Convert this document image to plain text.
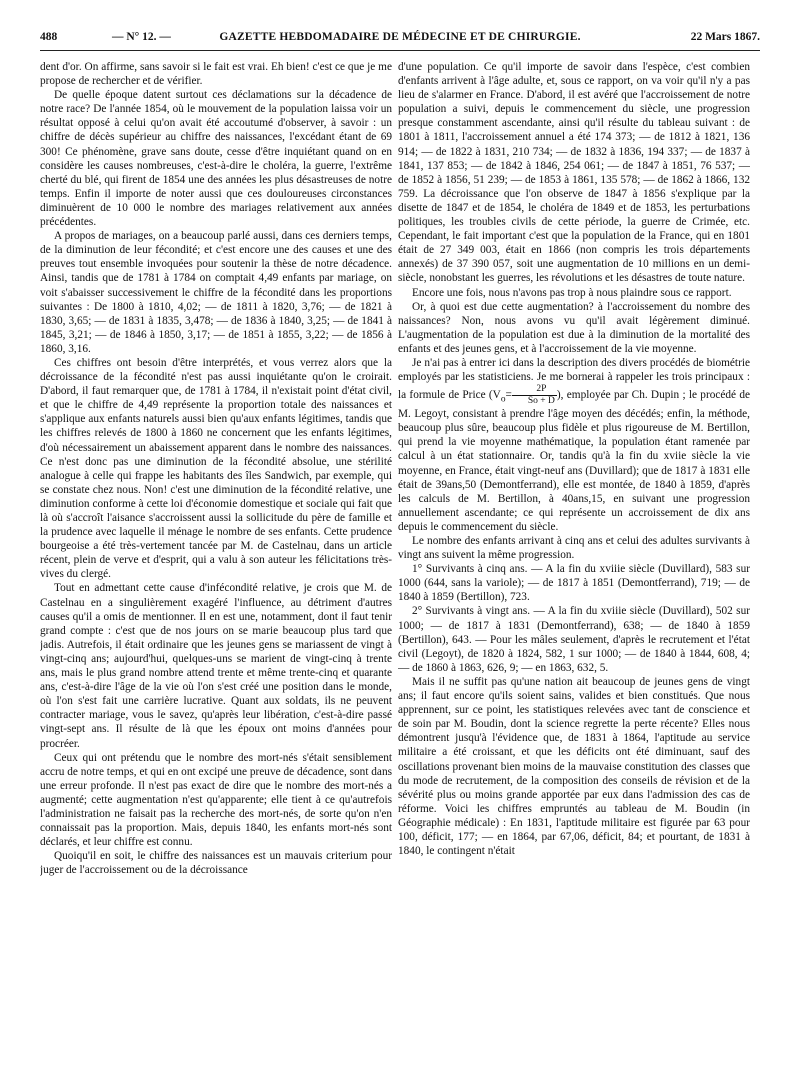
488	— N° 12. —	GAZETTE HEBDOMADAIRE DE MÉDECINE ET DE CHIRURGIE.	22 Mars 1867.

dent d'or. On affirme, sans savoir si le fait est vrai. Eh bien! c'est ce que je me propose de rechercher et de vérifier.

De quelle époque datent surtout ces déclamations sur la décadence de notre race? De l'année 1854, où le mouvement de la population laissa voir un résultat opposé à celui qu'on avait été accoutumé d'observer, à savoir : un chiffre de décès supérieur au chiffre des naissances, l'excédant étant de 69 300! Ce phénomène, grave sans doute, cesse d'être inquiétant quand on en considère les causes nombreuses, c'est-à-dire le choléra, la guerre, l'extrême cherté du blé, qui firent de 1854 une des années les plus désastreuses de notre temps. Enfin il importe de noter aussi que ces douloureuses circonstances diminuèrent de 10 000 le nombre des mariages relativement aux années précédentes.

A propos de mariages, on a beaucoup parlé aussi, dans ces derniers temps, de la diminution de leur fécondité; et c'est encore une des causes et une des preuves tout ensemble invoquées pour soutenir la thèse de notre décadence. Ainsi, tandis que de 1781 à 1784 on comptait 4,49 enfants par mariage, on voit s'abaisser successivement le chiffre de la fécondité dans les proportions suivantes : De 1800 à 1810, 4,02; — de 1811 à 1820, 3,76; — de 1821 à 1830, 3,65; — de 1831 à 1835, 3,478; — de 1836 à 1840, 3,25; — de 1841 à 1845, 3,21; — de 1846 à 1850, 3,17; — de 1851 à 1855, 3,22; — de 1856 à 1860, 3,16.

Ces chiffres ont besoin d'être interprétés, et vous verrez alors que la décroissance de la fécondité n'est pas aussi inquiétante qu'on le croirait. D'abord, il faut remarquer que, de 1781 à 1784, il n'existait point d'état civil, et que le chiffre de 4,49 représente la proportion totale des naissances et s'applique aux enfants naturels aussi bien qu'aux enfants légitimes, tandis que les chiffres relevés de 1800 à 1860 ne concernent que les enfants légitimes, d'où nécessairement un abaissement apparent dans le nombre des naissances. Ce n'est donc pas une diminution de la fécondité absolue, une stérilité analogue à celle qui frappe les habitants des îles Sandwich, par exemple, qui se constate chez nous. Non! c'est une diminution de la fécondité relative, une diminution conforme à cette loi d'économie domestique et sociale qui fait que là où s'accroît l'aisance s'accroissent aussi la sollicitude du père de famille et la prudence avec laquelle il ménage le nombre de ses enfants. Cette prudence bourgeoise a été très-vertement tancée par M. de Castelnau, dans un article récent, plein de verve et d'esprit, qui a valu à son auteur les félicitations très-vives du clergé.

Tout en admettant cette cause d'infécondité relative, je crois que M. de Castelnau en a singulièrement exagéré l'influence, au détriment d'autres causes qu'il a omis de mentionner. Il en est une, notamment, dont il faut tenir grand compte : c'est que de nos jours on se marie beaucoup plus tard que jadis. Autrefois, il était ordinaire que les jeunes gens se mariassent de vingt à vingt-cinq ans; aujourd'hui, quelques-uns se marient de vingt-cinq à trente ans, mais le plus grand nombre attend trente et même trente-cinq et quarante ans, c'est-à-dire l'âge de la vie où l'on s'est créé une position dans le monde, où l'on s'est fait une carrière lucrative. Quant aux soldats, ils ne peuvent contracter mariage, vous le savez, qu'après leur libération, c'est-à-dire passé vingt-sept ans. Il résulte de là que les époux ont moins d'années pour procréer.

Ceux qui ont prétendu que le nombre des mort-nés s'était sensiblement accru de notre temps, et qui en ont excipé une preuve de décadence, sont dans une erreur profonde. Il n'est pas exact de dire que le nombre des mort-nés a augmenté; cette augmentation n'est qu'apparente; elle tient à ce qu'autrefois l'administration ne faisait pas la recherche des mort-nés, de sorte qu'on n'en connaissait pas la proportion. Mais, depuis 1840, les enfants mort-nés sont déclarés, et leur chiffre est connu.

Quoiqu'il en soit, le chiffre des naissances est un mauvais criterium pour juger de l'accroissement ou de la décroissance

d'une population. Ce qu'il importe de savoir dans l'espèce, c'est combien d'enfants arrivent à l'âge adulte, et, sous ce rapport, on va voir qu'il n'y a pas lieu de s'alarmer en France. D'abord, il est avéré que l'accroissement de notre population a suivi, depuis le commencement du siècle, une progression presque constamment ascendante, ainsi qu'il résulte du tableau suivant : de 1801 à 1811, l'accroissement annuel a été 174 373; — de 1812 à 1821, 136 914; — de 1822 à 1831, 210 734; — de 1832 à 1836, 194 337; — de 1837 à 1841, 137 853; — de 1842 à 1846, 254 061; — de 1847 à 1851, 76 537; — de 1852 à 1856, 51 239; — de 1853 à 1861, 135 578; — de 1862 à 1866, 132 759. La décroissance que l'on observe de 1847 à 1856 s'explique par la disette de 1847 et de 1854, le choléra de 1849 et de 1853, les perturbations politiques, les troubles civils de cette période, la guerre de Crimée, etc. Cependant, le fait important c'est que la population de la France, qui en 1801 était de 27 349 003, était en 1866 (non compris les trois départements annexés) de 37 390 057, soit une augmentation de 10 millions en un demi-siècle, nonobstant les guerres, les révolutions et les désastres de toute nature.

Encore une fois, nous n'avons pas trop à nous plaindre sous ce rapport.

Or, à quoi est due cette augmentation? à l'accroissement du nombre des naissances? Non, nous avons vu qu'il avait légèrement diminué. L'augmentation de la population est due à la diminution de la mortalité des enfants et des jeunes gens, et à l'accroissement de la vie moyenne.

Je n'ai pas à entrer ici dans la description des divers procédés de biométrie employés par les statisticiens. Je me bornerai à rappeler les trois principaux : la formule de Price ($V_o= \frac{2P}{So + D}$ ), employée par Ch. Dupin ; le procédé de M. Legoyt, consistant à prendre l'âge moyen des décédés; enfin, la méthode, beaucoup plus sûre, beaucoup plus fidèle et plus rigoureuse de M. Bertillon, qui prend la vie moyenne mathématique, la population étant ramenée par calcul à un état stationnaire. Or, tandis qu'à la fin du xviie siècle la vie moyenne, en France, était vingt-neuf ans (Duvillard); que de 1817 à 1831 elle était de 39ans,50 (Demontferrand), elle est montée, de 1840 à 1859, d'après les calculs de M. Bertillon, à 40ans,15, en suivant une progression annuellement ascendante; ce qui représente un accroissement de dix ans depuis le commencement du siècle.

Le nombre des enfants arrivant à cinq ans et celui des adultes survivants à vingt ans suivent la même progression.

1° Survivants à cinq ans. — A la fin du xviiie siècle (Duvillard), 583 sur 1000 (644, sans la variole); — de 1817 à 1851 (Demontferrand), 719; — de 1840 à 1859 (Bertillon), 723.

2° Survivants à vingt ans. — A la fin du xviiie siècle (Duvillard), 502 sur 1000; — de 1817 à 1831 (Demontferrand), 638; — de 1840 à 1859 (Bertillon), 643. — Pour les mâles seulement, d'après le recrutement et l'état civil (Legoyt), de 1820 à 1824, 582, 1 sur 1000; — de 1840 à 1844, 608, 4; — de 1860 à 1863, 626, 9; — en 1863, 632, 5.

Mais il ne suffit pas qu'une nation ait beaucoup de jeunes gens de vingt ans; il faut encore qu'ils soient sains, valides et bien constitués. Que nous apprennent, sur ce point, les statistiques relevées avec tant de conscience et de soin par M. Boudin, dont la science regrette la perte récente? Elles nous démontrent jusqu'à l'évidence que, de 1831 à 1864, l'aptitude au service militaire a été croissant, et que les déficits ont été diminuant, sauf des oscillations provenant bien moins de la mauvaise constitution des classes que du mode de recrutement, de la composition des conseils de révision et de la sévérité plus ou moins grande apportée par eux dans l'admission des cas de réforme. Voici les chiffres empruntés au tableau de M. Boudin (in Géographie médicale) : En 1831, l'aptitude militaire est figurée par 63 pour 100, déficit, 177; — en 1864, par 67,06, déficit, 84; et pourtant, de 1831 à 1840, le contingent n'était
